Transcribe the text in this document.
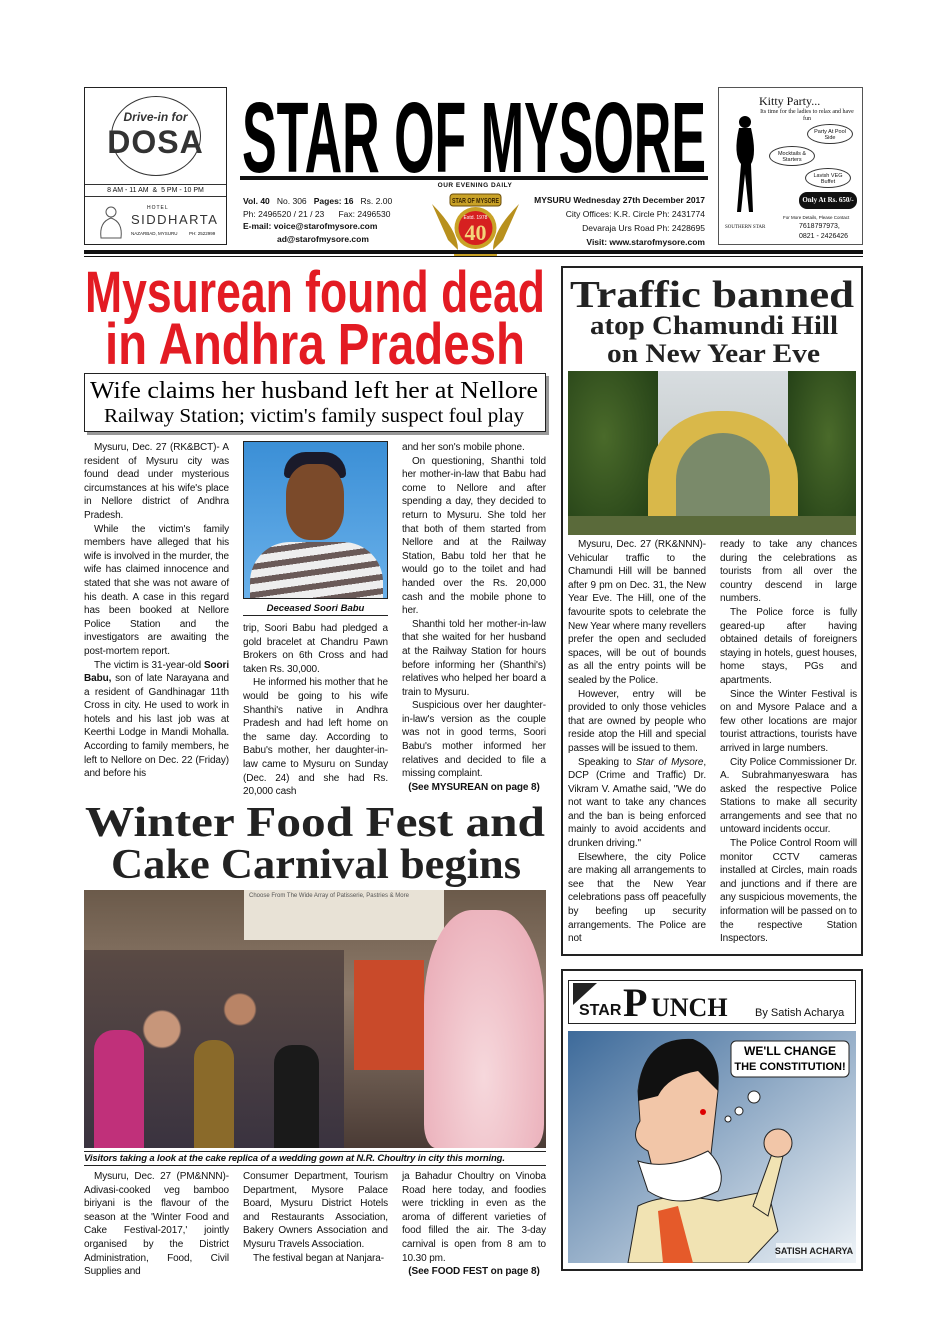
Drive-in for
DOSA
8 AM - 11 AM  &  5 PM - 10 PM
HOTEL
SIDDHARTA
NAZARBAD, MYSURU	PH: 2522999
STAR OF MYSORE
OUR EVENING DAILY
Vol. 40 No. 306 Pages: 16 Rs. 2.00
Ph: 2496520 / 21 / 23 Fax: 2496530
E-mail: voice@starofmysore.com
ad@starofmysore.com
STAR OF MYSORE
Estd. 1978
40
MYSURU Wednesday 27th December 2017
City Offices: K.R. Circle Ph: 2431774
Devaraja Urs Road Ph: 2428695
Visit: www.starofmysore.com
Kitty Party...
Its time for the ladies to relax and have fun
Party At Pool Side
Mocktails & Starters
Lavish VEG Buffet
Only At Rs. 650/-
SOUTHERN STAR
For More Details, Please Contact
7618797973,
0821 - 2426426
Mysurean found dead
in Andhra Pradesh
Wife claims her husband left her at Nellore
Railway Station; victim's family suspect foul play

Mysuru, Dec. 27 (RK&BCT)- A resident of Mysuru city was found dead under mysterious circumstances at his wife's place in Nellore district of Andhra Pradesh.

While the victim's family members have alleged that his wife is involved in the murder, the wife has claimed innocence and stated that she was not aware of his death. A case in this regard has been booked at Nellore Police Station and the investigators are awaiting the post-mortem report.

The victim is 31-year-old Soori Babu, son of late Narayana and a resident of Gandhinagar 11th Cross in city. He used to work in hotels and his last job was at Keerthi Lodge in Mandi Mohalla. According to family members, he left to Nellore on Dec. 22 (Friday) and before his

Deceased Soori Babu

trip, Soori Babu had pledged a gold bracelet at Chandru Pawn Brokers on 6th Cross and had taken Rs. 30,000.

He informed his mother that he would be going to his wife Shanthi's native in Andhra Pradesh and had left home on the same day. According to Babu's mother, her daughter-in-law came to Mysuru on Sunday (Dec. 24) and she had Rs. 20,000 cash

and her son's mobile phone.

On questioning, Shanthi told her mother-in-law that Babu had come to Nellore and after spending a day, they decided to return to Mysuru. She told her that both of them started from Nellore and at the Railway Station, Babu told her that he would go to the toilet and had handed over the Rs. 20,000 cash and the mobile phone to her.

Shanthi told her mother-in-law that she waited for her husband at the Railway Station for hours before informing her (Shanthi's) relatives who helped her board a train to Mysuru.

Suspicious over her daughter-in-law's version as the couple was not in good terms, Soori Babu's mother informed her relatives and decided to file a missing complaint.

(See MYSUREAN on page 8)

Winter Food Fest and
Cake Carnival begins
Choose From The Wide Array of Patisserie, Pastries & More
Visitors taking a look at the cake replica of a wedding gown at N.R. Choultry in city this morning.

Mysuru, Dec. 27 (PM&NNN)- Adivasi-cooked veg bamboo biriyani is the flavour of the season at the 'Winter Food and Cake Festival-2017,' jointly organised by the District Administration, Food, Civil Supplies and

Consumer Department, Tourism Department, Mysore Palace Board, Mysuru District Hotels and Restaurants Association, Bakery Owners Association and Mysuru Travels Association.

The festival began at Nanjara-

ja Bahadur Choultry on Vinoba Road here today, and foodies were trickling in even as the aroma of different varieties of food filled the air. The 3-day carnival is open from 8 am to 10.30 pm.

(See FOOD FEST on page 8)

Traffic banned
atop Chamundi Hill
on New Year Eve

Mysuru, Dec. 27 (RK&NNN)- Vehicular traffic to the Chamundi Hill will be banned after 9 pm on Dec. 31, the New Year Eve. The Hill, one of the favourite spots to celebrate the New Year where many revellers prefer the open and secluded spaces, will be out of bounds as all the entry points will be sealed by the Police.

However, entry will be provided to only those vehicles that are owned by people who reside atop the Hill and special passes will be issued to them.

Speaking to Star of Mysore, DCP (Crime and Traffic) Dr. Vikram V. Amathe said, "We do not want to take any chances and the ban is being enforced mainly to avoid accidents and drunken driving."

Elsewhere, the city Police are making all arrangements to see that the New Year celebrations pass off peacefully by beefing up security arrangements. The Police are not

ready to take any chances during the celebrations as tourists from all over the country descend in large numbers.

The Police force is fully geared-up after having obtained details of foreigners staying in hotels, guest houses, home stays, PGs and apartments.

Since the Winter Festival is on and Mysore Palace and a few other locations are major tourist attractions, tourists have arrived in large numbers.

City Police Commissioner Dr. A. Subrahmanyeswara has asked the respective Police Stations to make all security arrangements and see that no untoward incidents occur.

The Police Control Room will monitor CCTV cameras installed at Circles, main roads and junctions and if there are any suspicious movements, the information will be passed on to the respective Station Inspectors.

STAR P UNCH By Satish Acharya
WE'LL CHANGE
THE CONSTITUTION!
SATISH ACHARYA
